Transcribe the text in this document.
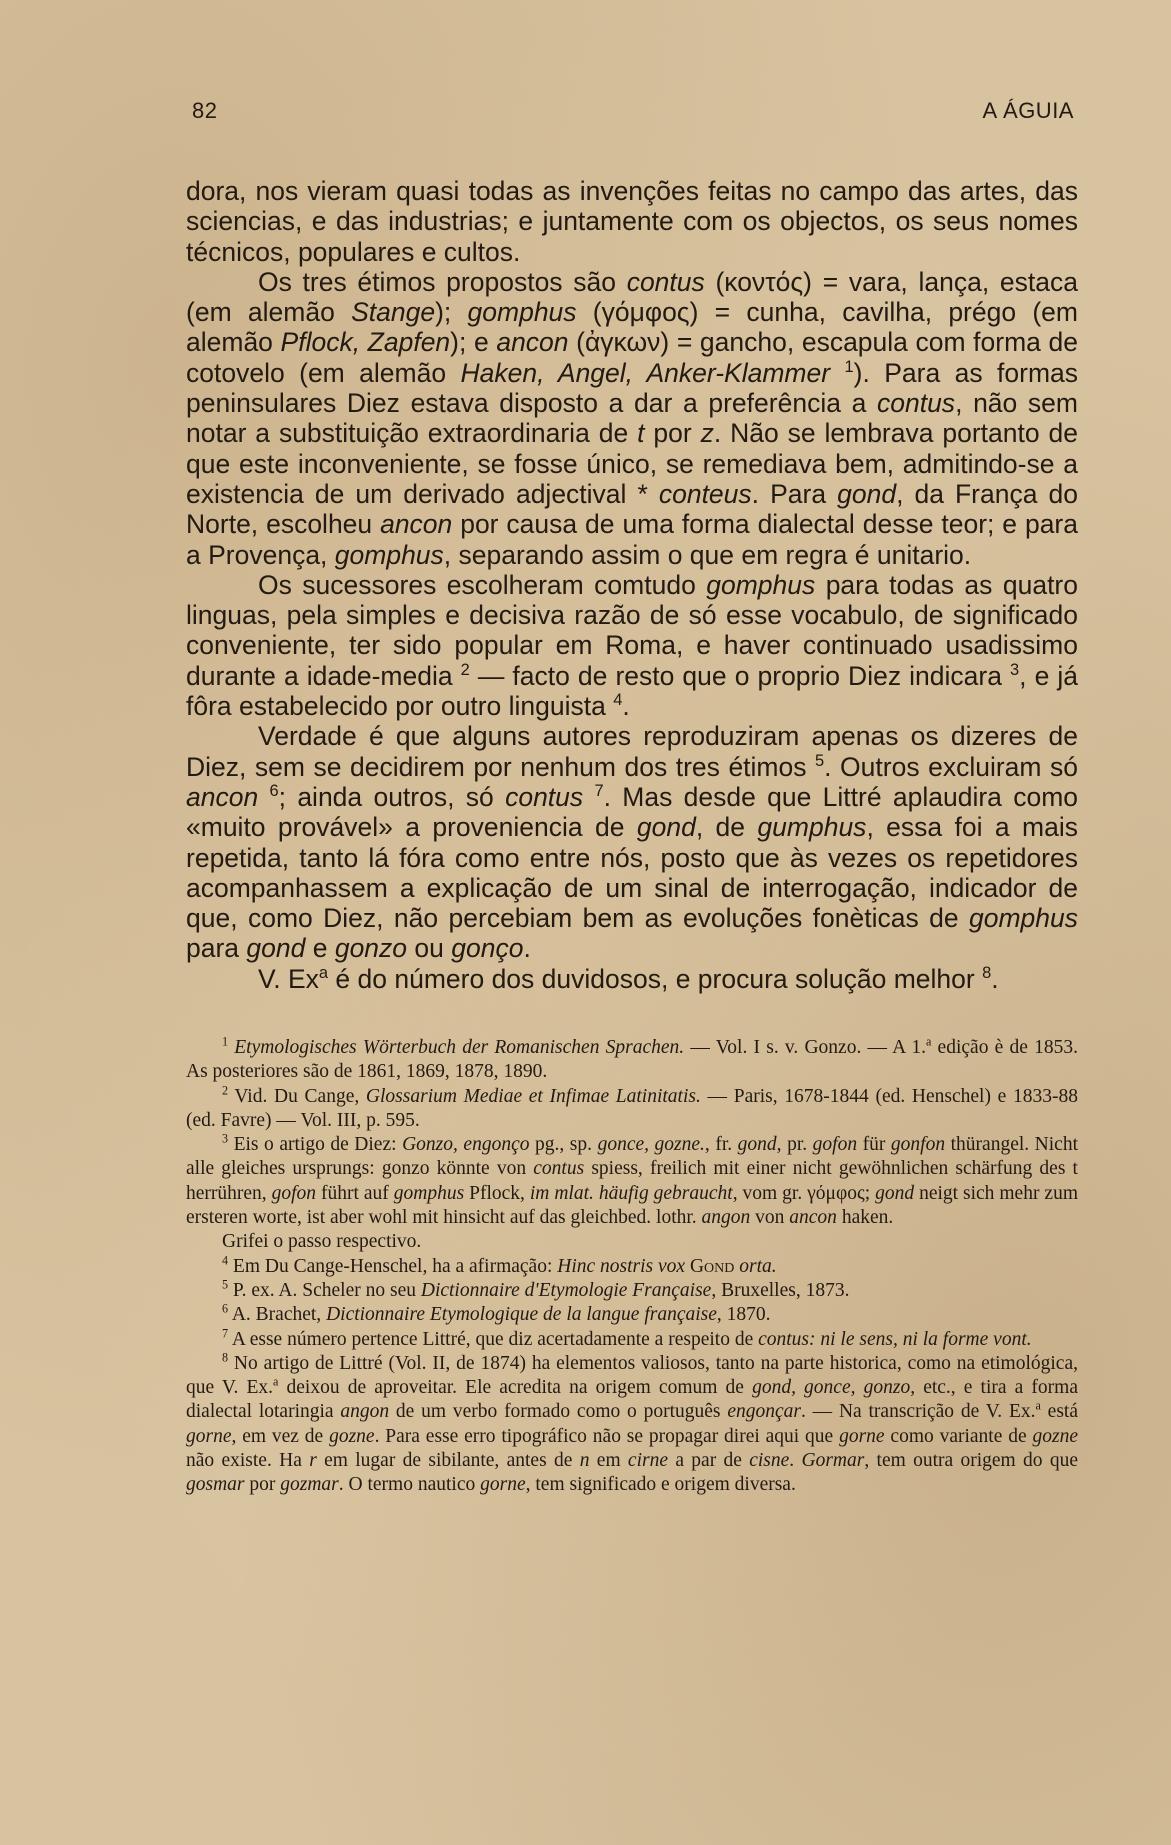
82	A ÁGUIA

dora, nos vieram quasi todas as invenções feitas no campo das artes, das sciencias, e das industrias; e juntamente com os objectos, os seus nomes técnicos, populares e cultos.

Os tres étimos propostos são contus (κοντός) = vara, lança, estaca (em alemão Stange); gomphus (γόμφος) = cunha, cavilha, prégo (em alemão Pflock, Zapfen); e ancon (ἀγκων) = gancho, escapula com forma de cotovelo (em alemão Haken, Angel, Anker-Klammer $^1$). Para as formas peninsulares Diez estava disposto a dar a preferência a contus, não sem notar a substituição extraordinaria de t por z. Não se lembrava portanto de que este inconveniente, se fosse único, se remediava bem, admitindo-se a existencia de um derivado adjectival * conteus. Para gond, da França do Norte, escolheu ancon por causa de uma forma dialectal desse teor; e para a Provença, gomphus, separando assim o que em regra é unitario.

Os sucessores escolheram comtudo gomphus para todas as quatro linguas, pela simples e decisiva razão de só esse vocabulo, de significado conveniente, ter sido popular em Roma, e haver continuado usadissimo durante a idade-media $^2$ — facto de resto que o proprio Diez indicara $^3$, e já fôra estabelecido por outro linguista $^4$.

Verdade é que alguns autores reproduziram apenas os dizeres de Diez, sem se decidirem por nenhum dos tres étimos $^5$. Outros excluiram só ancon $^6$; ainda outros, só contus $^7$. Mas desde que Littré aplaudira como «muito provável» a proveniencia de gond, de gumphus, essa foi a mais repetida, tanto lá fóra como entre nós, posto que às vezes os repetidores acompanhassem a explicação de um sinal de interrogação, indicador de que, como Diez, não percebiam bem as evoluções fonèticas de gomphus para gond e gonzo ou gonço.

V. Ex$^a$ é do número dos duvidosos, e procura solução melhor $^8$.

$^1$ Etymologisches Wörterbuch der Romanischen Sprachen. — Vol. I s. v. Gonzo. — A 1.$^a$ edição è de 1853. As posteriores são de 1861, 1869, 1878, 1890.

$^2$ Vid. Du Cange, Glossarium Mediae et Infimae Latinitatis. — Paris, 1678-1844 (ed. Henschel) e 1833-88 (ed. Favre) — Vol. III, p. 595.

$^3$ Eis o artigo de Diez: Gonzo, engonço pg., sp. gonce, gozne., fr. gond, pr. gofon für gonfon thürangel. Nicht alle gleiches ursprungs: gonzo könnte von contus spiess, freilich mit einer nicht gewöhnlichen schärfung des t herrühren, gofon führt auf gomphus Pflock, im mlat. häufig gebraucht, vom gr. γόμφος; gond neigt sich mehr zum ersteren worte, ist aber wohl mit hinsicht auf das gleichbed. lothr. angon von ancon haken.

Grifei o passo respectivo.

$^4$ Em Du Cange-Henschel, ha a afirmação: Hinc nostris vox Gond orta.

$^5$ P. ex. A. Scheler no seu Dictionnaire d'Etymologie Française, Bruxelles, 1873.

$^6$ A. Brachet, Dictionnaire Etymologique de la langue française, 1870.

$^7$ A esse número pertence Littré, que diz acertadamente a respeito de contus: ni le sens, ni la forme vont.

$^8$ No artigo de Littré (Vol. II, de 1874) ha elementos valiosos, tanto na parte historica, como na etimológica, que V. Ex.$^a$ deixou de aproveitar. Ele acredita na origem comum de gond, gonce, gonzo, etc., e tira a forma dialectal lotaringia angon de um verbo formado como o português engonçar. — Na transcrição de V. Ex.$^a$ está gorne, em vez de gozne. Para esse erro tipográfico não se propagar direi aqui que gorne como variante de gozne não existe. Ha r em lugar de sibilante, antes de n em cirne a par de cisne. Gormar, tem outra origem do que gosmar por gozmar. O termo nautico gorne, tem significado e origem diversa.
